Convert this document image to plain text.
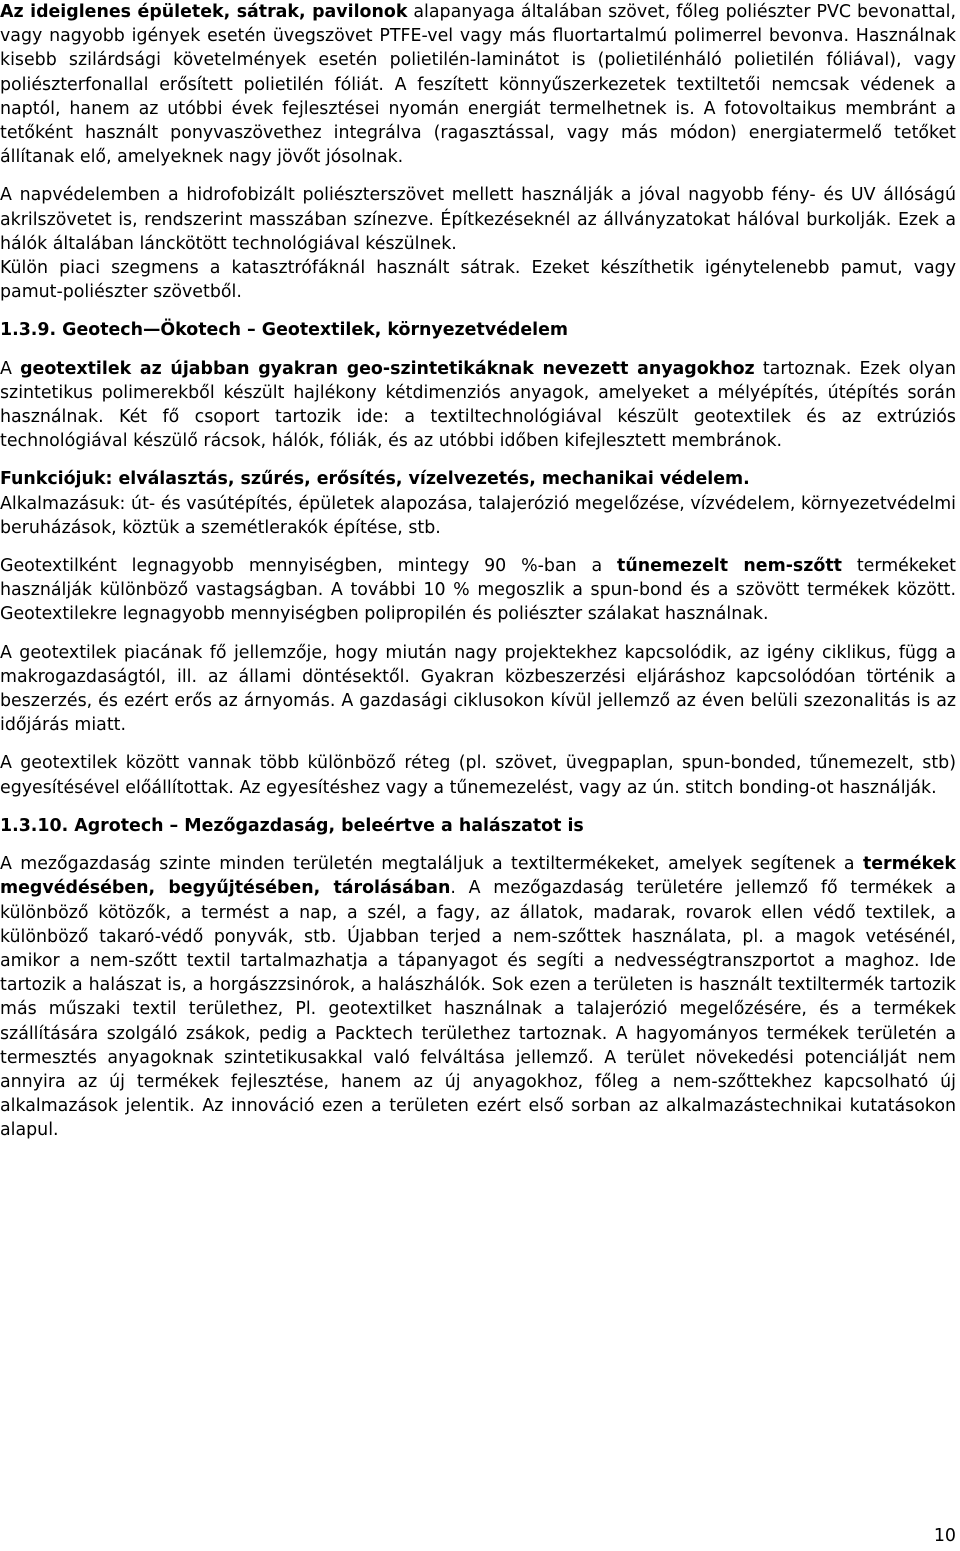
Az ideiglenes épületek, sátrak, pavilonok alapanyaga általában szövet, főleg poliészter PVC bevonattal, vagy nagyobb igények esetén üvegszövet PTFE-vel vagy más fluortartalmú polimerrel bevonva. Használnak kisebb szilárdsági követelmények esetén polietilén-laminátot is (polietilénháló polietilén fóliával), vagy poliészterfonallal erősített polietilén fóliát. A feszített könnyűszerkezetek textiltetői nemcsak védenek a naptól, hanem az utóbbi évek fejlesztései nyomán energiát termelhetnek is. A fotovoltaikus membránt a tetőként használt ponyvaszövethez integrálva (ragasztással, vagy más módon) energiatermelő tetőket állítanak elő, amelyeknek nagy jövőt jósolnak.

A napvédelemben a hidrofobizált poliészterszövet mellett használják a jóval nagyobb fény- és UV állóságú akrilszövetet is, rendszerint masszában színezve. Építkezéseknél az állványzatokat hálóval burkolják. Ezek a hálók általában lánckötött technológiával készülnek.

Külön piaci szegmens a katasztrófáknál használt sátrak. Ezeket készíthetik igénytelenebb pamut, vagy pamut-poliészter szövetből.

1.3.9. Geotech—Ökotech – Geotextilek, környezetvédelem

A geotextilek az újabban gyakran geo-szintetikáknak nevezett anyagokhoz tartoznak. Ezek olyan szintetikus polimerekből készült hajlékony kétdimenziós anyagok, amelyeket a mélyépítés, útépítés során használnak. Két fő csoport tartozik ide: a textiltechnológiával készült geotextilek és az extrúziós technológiával készülő rácsok, hálók, fóliák, és az utóbbi időben kifejlesztett membránok.

Funkciójuk: elválasztás, szűrés, erősítés, vízelvezetés, mechanikai védelem.

Alkalmazásuk: út- és vasútépítés, épületek alapozása, talajerózió megelőzése, vízvédelem, környezetvédelmi beruházások, köztük a szemétlerakók építése, stb.

Geotextilként legnagyobb mennyiségben, mintegy 90 %-ban a tűnemezelt nem-szőtt termékeket használják különböző vastagságban. A további 10 % megoszlik a spun-bond és a szövött termékek között. Geotextilekre legnagyobb mennyiségben polipropilén és poliészter szálakat használnak.

A geotextilek piacának fő jellemzője, hogy miután nagy projektekhez kapcsolódik, az igény ciklikus, függ a makrogazdaságtól, ill. az állami döntésektől. Gyakran közbeszerzési eljáráshoz kapcsolódóan történik a beszerzés, és ezért erős az árnyomás. A gazdasági ciklusokon kívül jellemző az éven belüli szezonalitás is az időjárás miatt.

A geotextilek között vannak több különböző réteg (pl. szövet, üvegpaplan, spun-bonded, tűnemezelt, stb) egyesítésével előállítottak. Az egyesítéshez vagy a tűnemezelést, vagy az ún. stitch bonding-ot használják.

1.3.10. Agrotech – Mezőgazdaság, beleértve a halászatot is

A mezőgazdaság szinte minden területén megtaláljuk a textiltermékeket, amelyek segítenek a termékek megvédésében, begyűjtésében, tárolásában. A mezőgazdaság területére jellemző fő termékek a különböző kötözők, a termést a nap, a szél, a fagy, az állatok, madarak, rovarok ellen védő textilek, a különböző takaró-védő ponyvák, stb. Újabban terjed a nem-szőttek használata, pl. a magok vetésénél, amikor a nem-szőtt textil tartalmazhatja a tápanyagot és segíti a nedvességtranszportot a maghoz. Ide tartozik a halászat is, a horgászzsinórok, a halászhálók. Sok ezen a területen is használt textiltermék tartozik más műszaki textil területhez, Pl. geotextilket használnak a talajerózió megelőzésére, és a termékek szállítására szolgáló zsákok, pedig a Packtech területhez tartoznak. A hagyományos termékek területén a termesztés anyagoknak szintetikusakkal való felváltása jellemző. A terület növekedési potenciálját nem annyira az új termékek fejlesztése, hanem az új anyagokhoz, főleg a nem-szőttekhez kapcsolható új alkalmazások jelentik. Az innováció ezen a területen ezért első sorban az alkalmazástechnikai kutatásokon alapul.

10
